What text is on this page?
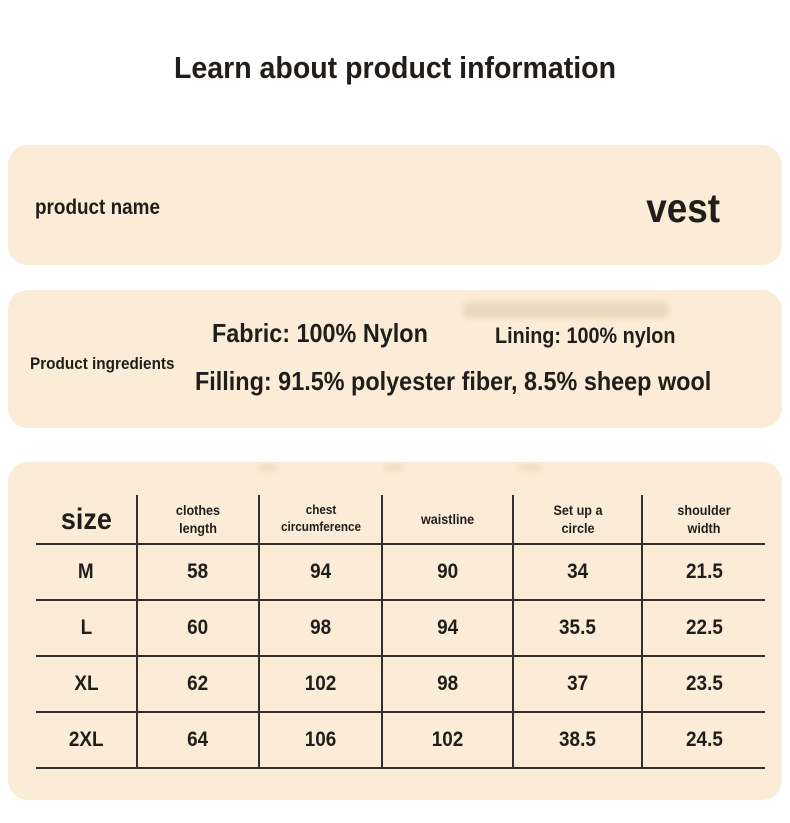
Learn about product information
product name	vest
Product ingredients
Fabric: 100% Nylon	Lining: 100% nylon
Filling: 91.5% polyester fiber, 8.5% sheep wool
size	clothes length	chest circumference	waistline	Set up a circle	shoulder width
M	58	94	90	34	21.5
L	60	98	94	35.5	22.5
XL	62	102	98	37	23.5
2XL	64	106	102	38.5	24.5
